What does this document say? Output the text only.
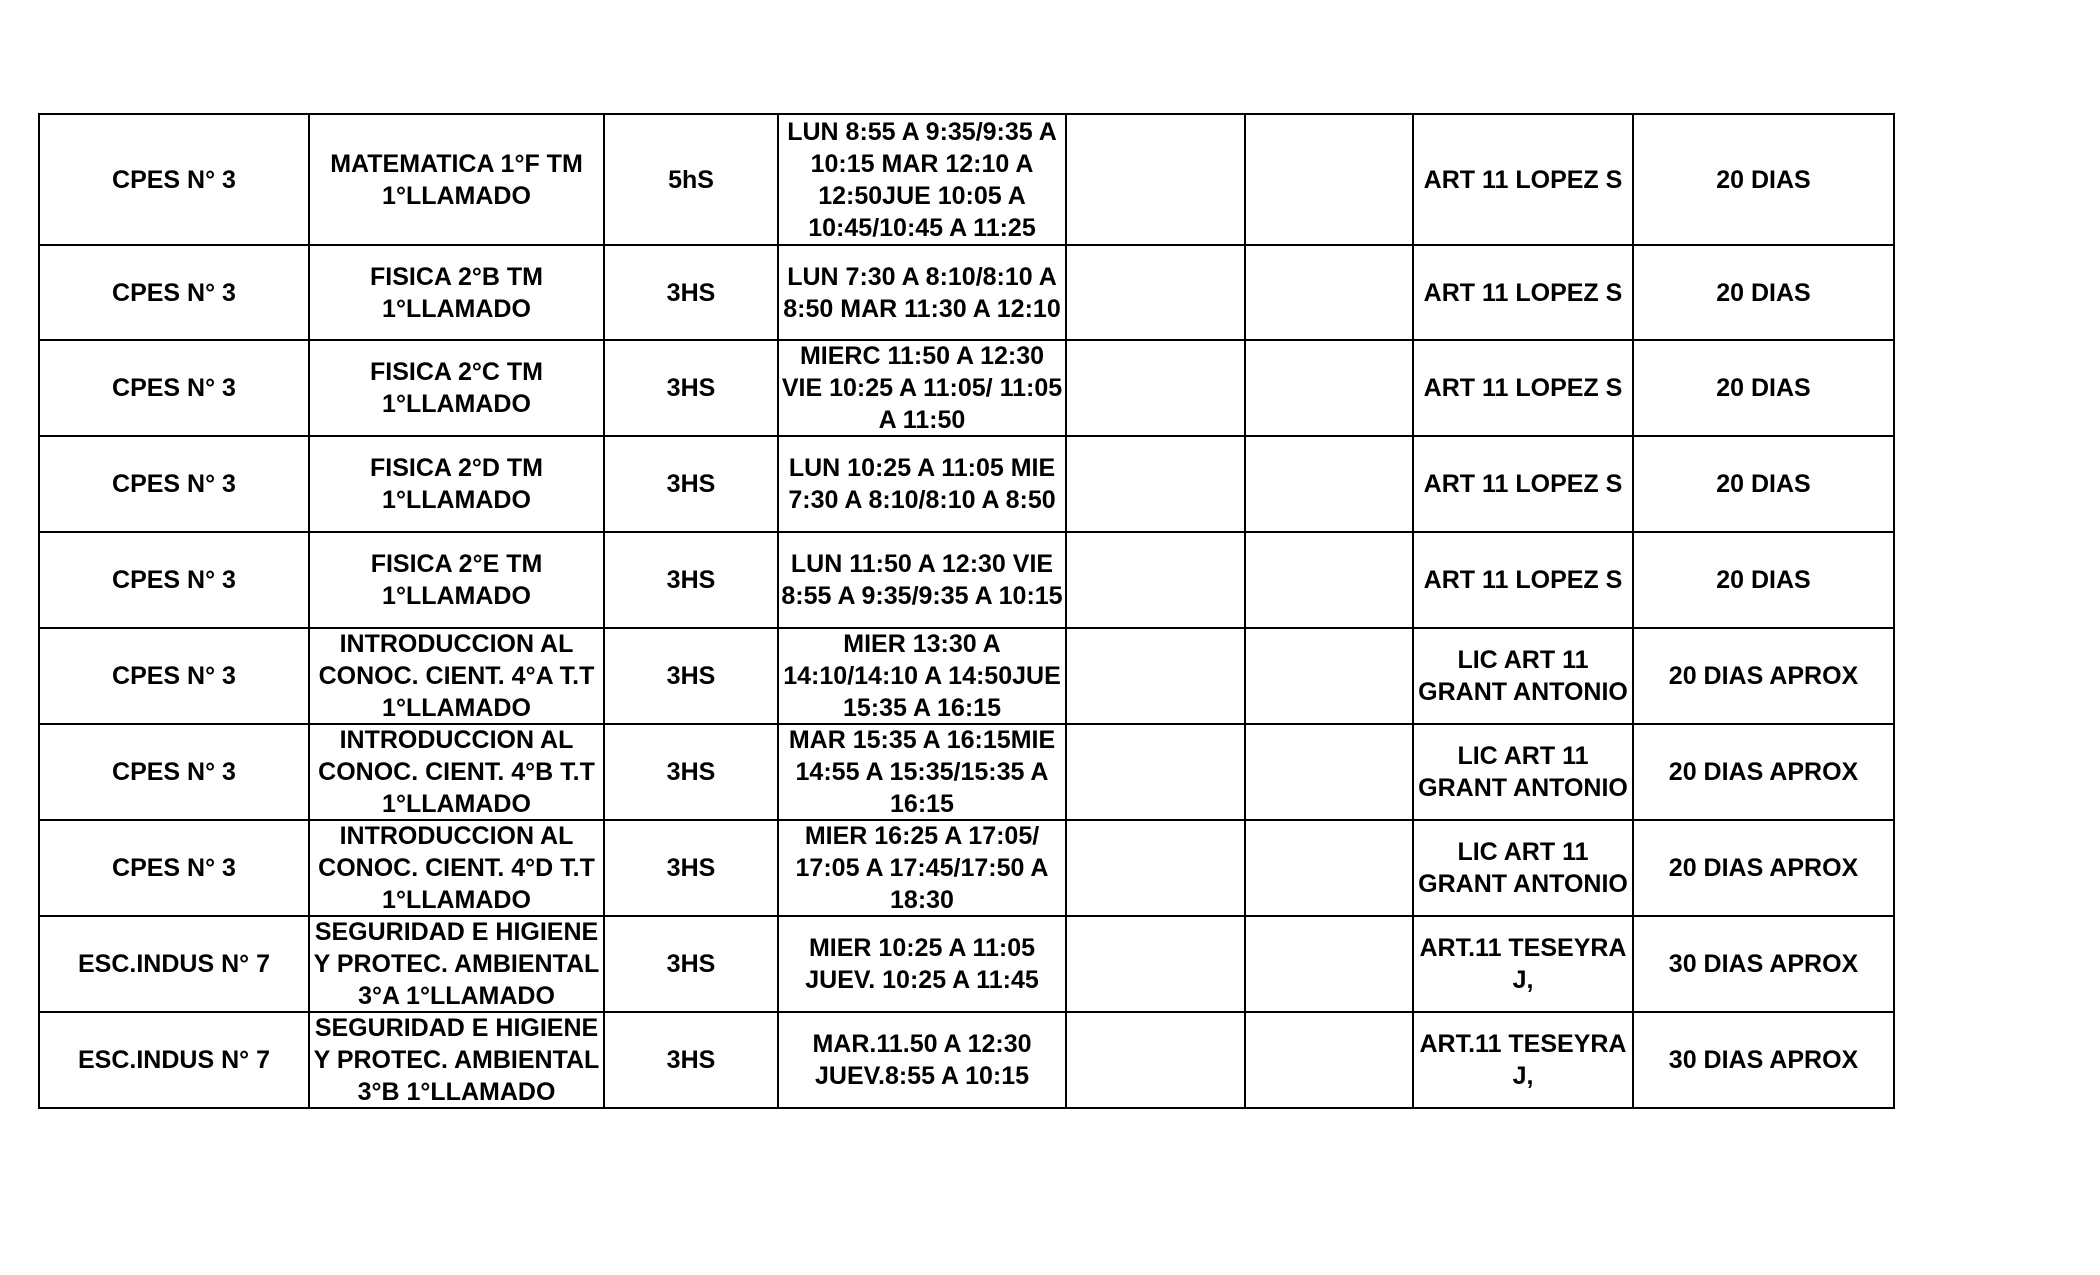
CPES N° 3	MATEMATICA 1°F TM 1°LLAMADO	5hS	LUN 8:55 A 9:35/9:35 A 10:15 MAR 12:10 A 12:50JUE 10:05 A 10:45/10:45 A 11:25			ART 11 LOPEZ S	20 DIAS

CPES N° 3	FISICA 2°B TM 1°LLAMADO	3HS	LUN 7:30 A 8:10/8:10 A 8:50 MAR 11:30 A 12:10			ART 11 LOPEZ S	20 DIAS

CPES N° 3	FISICA 2°C TM 1°LLAMADO	3HS	MIERC 11:50 A 12:30 VIE 10:25 A 11:05/ 11:05 A 11:50			ART 11 LOPEZ S	20 DIAS

CPES N° 3	FISICA 2°D TM 1°LLAMADO	3HS	LUN 10:25 A 11:05 MIE 7:30 A 8:10/8:10 A 8:50			ART 11 LOPEZ S	20 DIAS

CPES N° 3	FISICA 2°E TM 1°LLAMADO	3HS	LUN 11:50 A 12:30 VIE 8:55 A 9:35/9:35 A 10:15			ART 11 LOPEZ S	20 DIAS

CPES N° 3	INTRODUCCION AL CONOC. CIENT. 4°A T.T 1°LLAMADO	3HS	MIER 13:30 A 14:10/14:10 A 14:50JUE 15:35 A 16:15			LIC ART 11 GRANT ANTONIO	20 DIAS APROX

CPES N° 3	INTRODUCCION AL CONOC. CIENT. 4°B T.T 1°LLAMADO	3HS	MAR 15:35 A 16:15MIE 14:55 A 15:35/15:35 A 16:15			LIC ART 11 GRANT ANTONIO	20 DIAS APROX

CPES N° 3	INTRODUCCION AL CONOC. CIENT. 4°D T.T 1°LLAMADO	3HS	MIER 16:25 A 17:05/ 17:05 A 17:45/17:50 A 18:30			LIC ART 11 GRANT ANTONIO	20 DIAS APROX

ESC.INDUS N° 7	SEGURIDAD E HIGIENE Y PROTEC. AMBIENTAL 3°A 1°LLAMADO	3HS	MIER 10:25 A 11:05 JUEV. 10:25 A 11:45			ART.11 TESEYRA J,	30 DIAS APROX

ESC.INDUS N° 7	SEGURIDAD E HIGIENE Y PROTEC. AMBIENTAL 3°B 1°LLAMADO	3HS	MAR.11.50 A 12:30 JUEV.8:55 A 10:15			ART.11 TESEYRA J,	30 DIAS APROX
